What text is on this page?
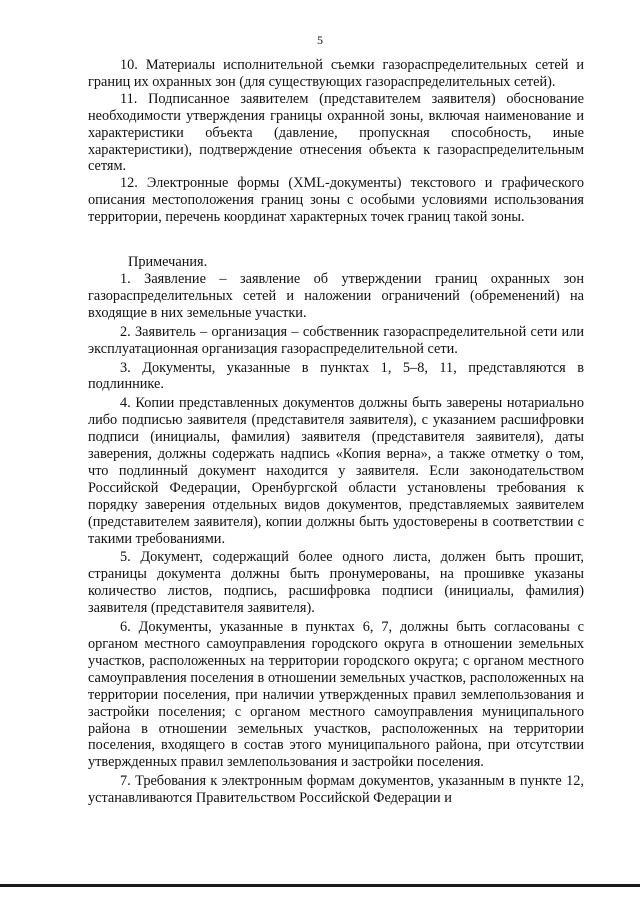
5

10. Материалы исполнительной съемки газораспределительных сетей и границ их охранных зон (для существующих газораспределительных сетей).

11. Подписанное заявителем (представителем заявителя) обоснование необходимости утверждения границы охранной зоны, включая наименование и характеристики объекта (давление, пропускная способность, иные характеристики), подтверждение отнесения объекта к газораспределительным сетям.

12. Электронные формы (XML-документы) текстового и графического описания местоположения границ зоны с особыми условиями использования территории, перечень координат характерных точек границ такой зоны.

Примечания.

1. Заявление – заявление об утверждении границ охранных зон газораспределительных сетей и наложении ограничений (обременений) на входящие в них земельные участки.

2. Заявитель – организация – собственник газораспределительной сети или эксплуатационная организация газораспределительной сети.

3. Документы, указанные в пунктах 1, 5–8, 11, представляются в подлиннике.

4. Копии представленных документов должны быть заверены нотариально либо подписью заявителя (представителя заявителя), с указанием расшифровки подписи (инициалы, фамилия) заявителя (представителя заявителя), даты заверения, должны содержать надпись «Копия верна», а также отметку о том, что подлинный документ находится у заявителя. Если законодательством Российской Федерации, Оренбургской области установлены требования к порядку заверения отдельных видов документов, представляемых заявителем (представителем заявителя), копии должны быть удостоверены в соответствии с такими требованиями.

5. Документ, содержащий более одного листа, должен быть прошит, страницы документа должны быть пронумерованы, на прошивке указаны количество листов, подпись, расшифровка подписи (инициалы, фамилия) заявителя (представителя заявителя).

6. Документы, указанные в пунктах 6, 7, должны быть согласованы с органом местного самоуправления городского округа в отношении земельных участков, расположенных на территории городского округа; с органом местного самоуправления поселения в отношении земельных участков, расположенных на территории поселения, при наличии утвержденных правил землепользования и застройки поселения; с органом местного самоуправления муниципального района в отношении земельных участков, расположенных на территории поселения, входящего в состав этого муниципального района, при отсутствии утвержденных правил землепользования и застройки поселения.

7. Требования к электронным формам документов, указанным в пункте 12, устанавливаются Правительством Российской Федерации и
